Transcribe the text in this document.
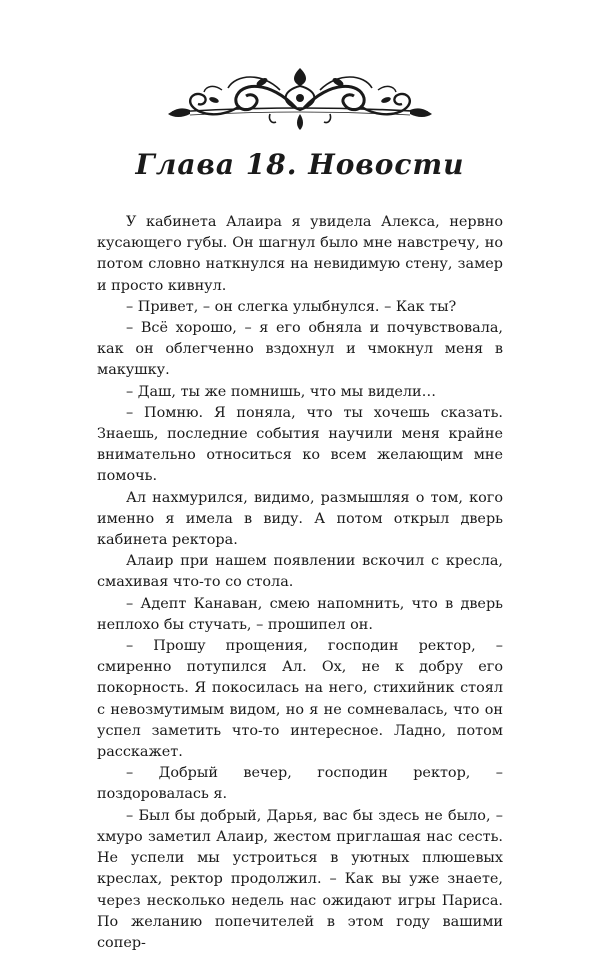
Глава 18. Новости

У кабинета Алаира я увидела Алекса, нервно кусающего губы. Он шагнул было мне навстречу, но потом словно наткнулся на невидимую стену, замер и просто кивнул.

– Привет, – он слегка улыбнулся. – Как ты?

– Всё хорошо, – я его обняла и почувствовала, как он облегченно вздохнул и чмокнул меня в макушку.

– Даш, ты же помнишь, что мы видели…

– Помню. Я поняла, что ты хочешь сказать. Знаешь, последние события научили меня крайне внимательно относиться ко всем желающим мне помочь.

Ал нахмурился, видимо, размышляя о том, кого именно я имела в виду. А потом открыл дверь кабинета ректора.

Алаир при нашем появлении вскочил с кресла, смахивая что-то со стола.

– Адепт Канаван, смею напомнить, что в дверь неплохо бы стучать, – прошипел он.

– Прошу прощения, господин ректор, – смиренно потупился Ал. Ох, не к добру его покорность. Я покосилась на него, стихийник стоял с невозмутимым видом, но я не сомневалась, что он успел заметить что-то интересное. Ладно, потом расскажет.

– Добрый вечер, господин ректор, – поздоровалась я.

– Был бы добрый, Дарья, вас бы здесь не было, – хмуро заметил Алаир, жестом приглашая нас сесть. Не успели мы устроиться в уютных плюшевых креслах, ректор продолжил. – Как вы уже знаете, через несколько недель нас ожидают игры Париса. По желанию попечителей в этом году вашими сопер-
